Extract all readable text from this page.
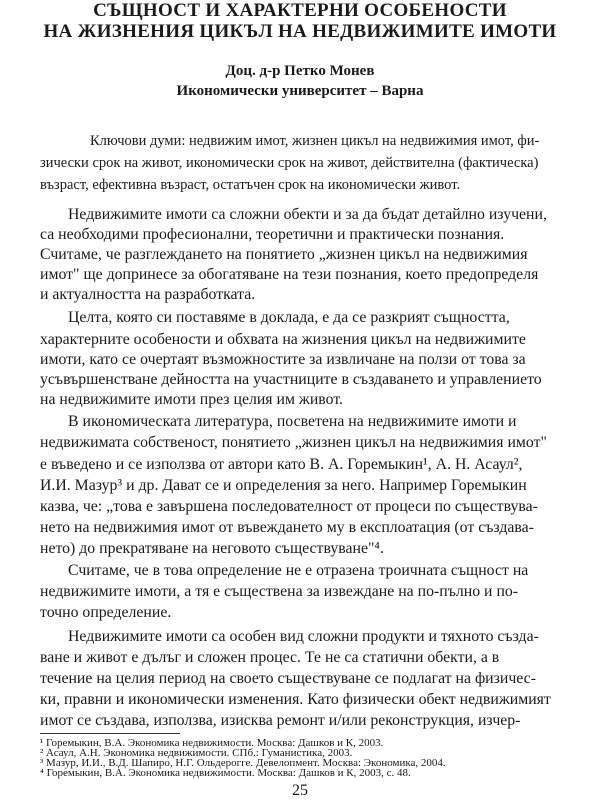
СЪЩНОСТ И ХАРАКТЕРНИ ОСОБЕНОСТИ
НА ЖИЗНЕНИЯ ЦИКЪЛ НА НЕДВИЖИМИТЕ ИМОТИ
Доц. д-р Петко Монев
Икономически университет – Варна
Ключови думи: недвижим имот, жизнен цикъл на недвижимия имот, фи-
зически срок на живот, икономически срок на живот, действителна (фактическа)
възраст, ефективна възраст, остатъчен срок на икономически живот.
Недвижимите имоти са сложни обекти и за да бъдат детайлно изучени,
са необходими професионални, теоретични и практически познания.
Считаме, че разглеждането на понятието „жизнен цикъл на недвижимия
имот" ще допринесе за обогатяване на тези познания, което предопределя
и актуалността на разработката.
Целта, която си поставяме в доклада, е да се разкрият същността,
характерните особености и обхвата на жизнения цикъл на недвижимите
имоти, като се очертаят възможностите за извличане на ползи от това за
усъвършенстване дейността на участниците в създаването и управлението
на недвижимите имоти през целия им живот.
В икономическата литература, посветена на недвижимите имоти и
недвижимата собственост, понятието „жизнен цикъл на недвижимия имот"
е въведено и се използва от автори като В. А. Горемыкин¹, А. Н. Асаул²,
И.И. Мазур³ и др. Дават се и определения за него. Например Горемыкин
казва, че: „това е завършена последователност от процеси по съществува-
нето на недвижимия имот от въвеждането му в експлоатация (от създава-
нето) до прекратяване на неговото съществуване"⁴.
Считаме, че в това определение не е отразена троичната същност на
недвижимите имоти, а тя е съществена за извеждане на по-пълно и по-
точно определение.
Недвижимите имоти са особен вид сложни продукти и тяхното създа-
ване и живот е дълъг и сложен процес. Те не са статични обекти, а в
течение на целия период на своето съществуване се подлагат на физичес-
ки, правни и икономически изменения. Като физически обект недвижимият
имот се създава, използва, изисква ремонт и/или реконструкция, изчер-
¹ Горемыкин, В.А. Экономика недвижимости. Москва: Дашков и К, 2003.
² Асаул, А.Н. Экономика недвижимости. СПб.: Гуманистика, 2003.
³ Мазур, И.И., В.Д. Шапиро, Н.Г. Ольдерогге. Девелопмент. Москва: Экономика, 2004.
⁴ Горемыкин, В.А. Экономика недвижимости. Москва: Дашков и К, 2003, с. 48.
25
